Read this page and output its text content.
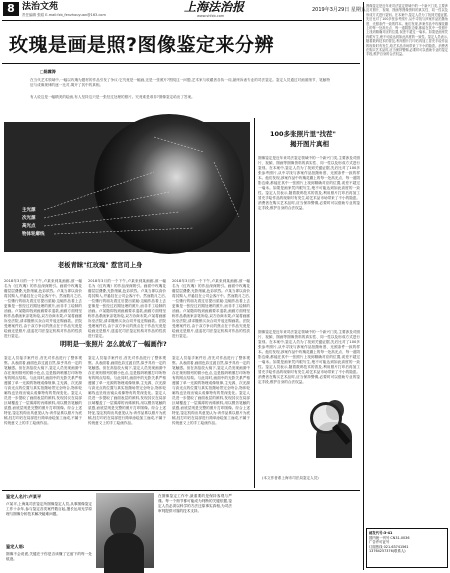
8 法治文苑
责任编辑 张昭 E-mail:fzb_fenzhouyuan@163.com
上海法治报
www.shfzb.com
2019年3月29日 星期五
玫瑰是画是照?图像鉴定来分辨
□陈霖涛
在当代艺术领域中,一幅以玫瑰为题材的作品引发了争议:它究竟是一幅画,还是一张照片?围绕这一问题,艺术家与收藏者各执一词,最终诉诸专业的司法鉴定。鉴定人员通过对画面细节、笔触特征与成像规律的逐一比对,揭开了其中的真相。
有人说这是一幅精美的绘画,有人坚持这只是一张经过处理的照片。究竟谁是谁非?图像鉴定给出了答案。
主光源
次光源
高光点
物体轮廓线
老板青睐"红玫瑰" 惹官司上身
2018年3月的一个下午,卢某来到某画廊,被一幅名为《红玫瑰》的作品深深吸引。画面中玫瑰花瓣层层叠叠,光影细腻,色彩浓烈。卢某当即以高价将其购入,并悬挂在公司会客厅中。然而数月之后,一位懂行的朋友看过后提出质疑:这幅作品看上去更像是一张经过后期处理的照片,而非手工绘制的油画。卢某随即找到画廊要求退款,画廊方面则坚称作品系画家亲笔所绘,双方协商未果,卢某将画廊诉至法院,请求撤销买卖合同并返还购画款。法院受理案件后,由于双方争议的焦点在于作品究竟是绘画还是照片,遂委托司法鉴定机构对作品的性质进行鉴定。
2018年3月的一个下午,卢某来到某画廊,被一幅名为《红玫瑰》的作品深深吸引。画面中玫瑰花瓣层层叠叠,光影细腻,色彩浓烈。卢某当即以高价将其购入,并悬挂在公司会客厅中。然而数月之后,一位懂行的朋友看过后提出质疑:这幅作品看上去更像是一张经过后期处理的照片,而非手工绘制的油画。卢某随即找到画廊要求退款,画廊方面则坚称作品系画家亲笔所绘,双方协商未果,卢某将画廊诉至法院,请求撤销买卖合同并返还购画款。法院受理案件后,由于双方争议的焦点在于作品究竟是绘画还是照片,遂委托司法鉴定机构对作品的性质进行鉴定。
2018年3月的一个下午,卢某来到某画廊,被一幅名为《红玫瑰》的作品深深吸引。画面中玫瑰花瓣层层叠叠,光影细腻,色彩浓烈。卢某当即以高价将其购入,并悬挂在公司会客厅中。然而数月之后,一位懂行的朋友看过后提出质疑:这幅作品看上去更像是一张经过后期处理的照片,而非手工绘制的油画。卢某随即找到画廊要求退款,画廊方面则坚称作品系画家亲笔所绘,双方协商未果,卢某将画廊诉至法院,请求撤销买卖合同并返还购画款。法院受理案件后,由于双方争议的焦点在于作品究竟是绘画还是照片,遂委托司法鉴定机构对作品的性质进行鉴定。
明明是一张照片 怎么就成了一幅画作?
鉴定人员接手案件后,首先对作品进行了整体观察。从表面看,画面色彩过渡自然,似乎具有一定的笔触感。但在高倍放大镜下,鉴定人员发现画面中存在规则排列的微小色点,这是数码喷墨打印所特有的网点结构。与此同时,画面中的光影关系严格遵循了单一光源的物理成像规律,主光源、次光源与高光点的位置与真实拍摄场景完全吻合,物体轮廓线也呈现出镜头成像特有的景深变化。鉴定人员进一步提取了画面表层的颜料,发现其仅在局部区域覆盖了一层薄薄的丙烯颜料,用以模仿笔触的质感,而底层则是完整的照片打印图像。综合上述特征,鉴定机构出具意见认为:该作品系以照片为底稿,经打印后在局部进行简单涂绘加工而成,不属于传统意义上的手工绘画作品。
鉴定人员接手案件后,首先对作品进行了整体观察。从表面看,画面色彩过渡自然,似乎具有一定的笔触感。但在高倍放大镜下,鉴定人员发现画面中存在规则排列的微小色点,这是数码喷墨打印所特有的网点结构。与此同时,画面中的光影关系严格遵循了单一光源的物理成像规律,主光源、次光源与高光点的位置与真实拍摄场景完全吻合,物体轮廓线也呈现出镜头成像特有的景深变化。鉴定人员进一步提取了画面表层的颜料,发现其仅在局部区域覆盖了一层薄薄的丙烯颜料,用以模仿笔触的质感,而底层则是完整的照片打印图像。综合上述特征,鉴定机构出具意见认为:该作品系以照片为底稿,经打印后在局部进行简单涂绘加工而成,不属于传统意义上的手工绘画作品。
鉴定人员接手案件后,首先对作品进行了整体观察。从表面看,画面色彩过渡自然,似乎具有一定的笔触感。但在高倍放大镜下,鉴定人员发现画面中存在规则排列的微小色点,这是数码喷墨打印所特有的网点结构。与此同时,画面中的光影关系严格遵循了单一光源的物理成像规律,主光源、次光源与高光点的位置与真实拍摄场景完全吻合,物体轮廓线也呈现出镜头成像特有的景深变化。鉴定人员进一步提取了画面表层的颜料,发现其仅在局部区域覆盖了一层薄薄的丙烯颜料,用以模仿笔触的质感,而底层则是完整的照片打印图像。综合上述特征,鉴定机构出具意见认为:该作品系以照片为底稿,经打印后在局部进行简单涂绘加工而成,不属于传统意义上的手工绘画作品。
100多张照片里"找茬"
揭开图片真相
图像鉴定是近年来司法鉴定领域中的一个新兴门类,主要涉及对照片、视频、图画等图像资料的真实性、同一性以及形成方式进行鉴别。在本案中,鉴定人员为了找到关键证据,先后比对了100多张参考照片,从中寻找与涉案作品拍摄角度、光照条件一致的样本。他们发现,涉案作品中玫瑰花瓣上的每一处高光点、每一道阴影边缘,都能在其中一张照片上找到精确对应的位置,误差不超过一毫米。如果是画家凭肉眼写生,绝不可能达到如此高度的一致性。鉴定人员表示,随着数码技术的普及,利用照片打印后再加工冒充手绘作品的现象时有发生,给艺术品市场带来了不小的隐患。消费者在购买艺术品时,应当保持警惕,必要时可以借助专业的鉴定手段,维护自身的合法权益。
图像鉴定是近年来司法鉴定领域中的一个新兴门类,主要涉及对照片、视频、图画等图像资料的真实性、同一性以及形成方式进行鉴别。在本案中,鉴定人员为了找到关键证据,先后比对了100多张参考照片,从中寻找与涉案作品拍摄角度、光照条件一致的样本。他们发现,涉案作品中玫瑰花瓣上的每一处高光点、每一道阴影边缘,都能在其中一张照片上找到精确对应的位置,误差不超过一毫米。如果是画家凭肉眼写生,绝不可能达到如此高度的一致性。鉴定人员表示,随着数码技术的普及,利用照片打印后再加工冒充手绘作品的现象时有发生,给艺术品市场带来了不小的隐患。消费者在购买艺术品时,应当保持警惕,必要时可以借助专业的鉴定手段,维护自身的合法权益。
(本文作者系上海市司法局鉴定人员)
鉴定人名片:卢某平
卢某平,上海某司法鉴定所图像鉴定人员,从事图像鉴定工作十余年,参与鉴定各类案件数百起,擅长运用光学原理与图像分析技术解决疑难问题。
鉴定人语:
图像不会说谎,关键在于你是否读懂了它留下的每一处痕迹。
在图像鉴定工作中,最重要的是保持客观与严谨。每一个细节都可能成为判断的关键依据,鉴定人员必须以科学的方法还原事实真相,为司法审判提供可靠的技术支持。
图像鉴定是近年来司法鉴定领域中的一个新兴门类,主要涉及对照片、视频、图画等图像资料的真实性、同一性以及形成方式进行鉴别。在本案中,鉴定人员为了找到关键证据,先后比对了100多张参考照片,从中寻找与涉案作品拍摄角度、光照条件一致的样本。他们发现,涉案作品中玫瑰花瓣上的每一处高光点、每一道阴影边缘,都能在其中一张照片上找到精确对应的位置,误差不超过一毫米。如果是画家凭肉眼写生,绝不可能达到如此高度的一致性。鉴定人员表示,随着数码技术的普及,利用照片打印后再加工冒充手绘作品的现象时有发生,给艺术品市场带来了不小的隐患。消费者在购买艺术品时,应当保持警惕,必要时可以借助专业的鉴定手段,维护自身的合法权益。
邮发代号:3-41
国内统一刊号 CN31-0036
广告许可证号
订阅热线 021-63741561
13764257376(联系人)
